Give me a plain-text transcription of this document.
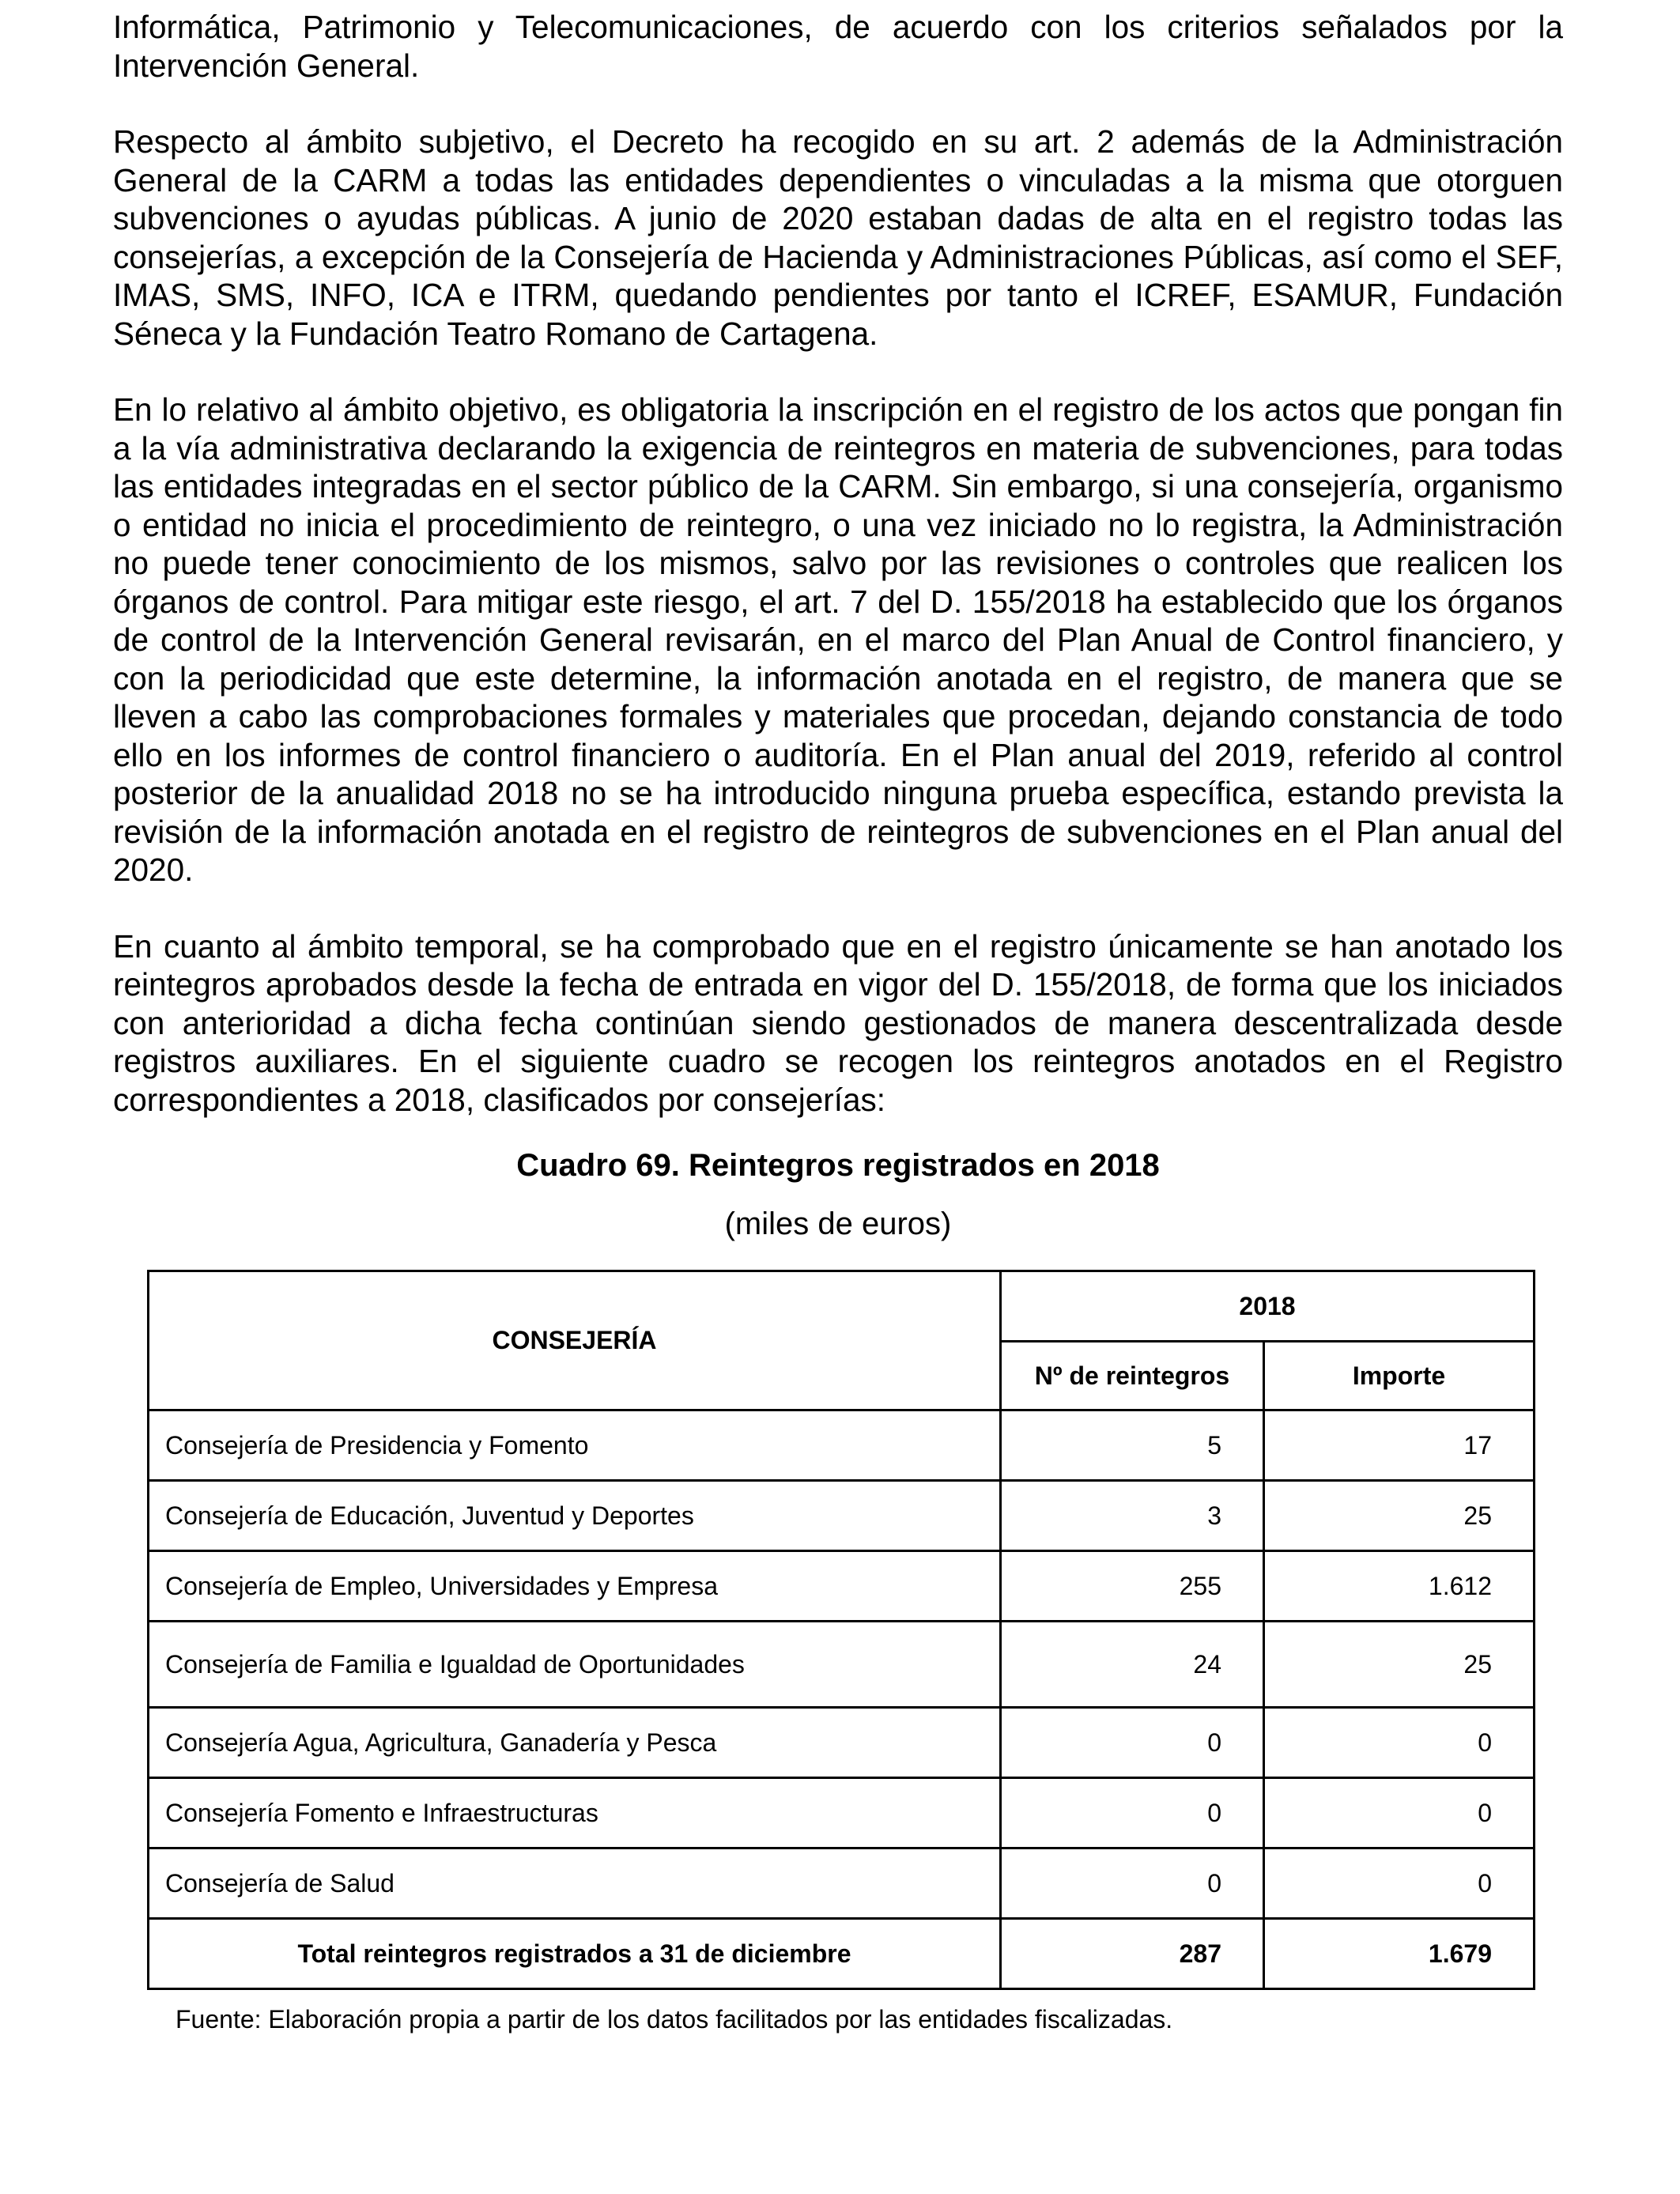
Informática, Patrimonio y Telecomunicaciones, de acuerdo con los criterios señalados por la Intervención General.

Respecto al ámbito subjetivo, el Decreto ha recogido en su art. 2 además de la Administración General de la CARM a todas las entidades dependientes o vinculadas a la misma que otorguen subvenciones o ayudas públicas. A junio de 2020 estaban dadas de alta en el registro todas las consejerías, a excepción de la Consejería de Hacienda y Administraciones Públicas, así como el SEF, IMAS, SMS, INFO, ICA e ITRM, quedando pendientes por tanto el ICREF, ESAMUR, Fundación Séneca y la Fundación Teatro Romano de Cartagena.

En lo relativo al ámbito objetivo, es obligatoria la inscripción en el registro de los actos que pongan fin a la vía administrativa declarando la exigencia de reintegros en materia de subvenciones, para todas las entidades integradas en el sector público de la CARM. Sin embargo, si una consejería, organismo o entidad no inicia el procedimiento de reintegro, o una vez iniciado no lo registra, la Administración no puede tener conocimiento de los mismos, salvo por las revisiones o controles que realicen los órganos de control. Para mitigar este riesgo, el art. 7 del D. 155/2018 ha establecido que los órganos de control de la Intervención General revisarán, en el marco del Plan Anual de Control financiero, y con la periodicidad que este determine, la información anotada en el registro, de manera que se lleven a cabo las comprobaciones formales y materiales que procedan, dejando constancia de todo ello en los informes de control financiero o auditoría. En el Plan anual del 2019, referido al control posterior de la anualidad 2018 no se ha introducido ninguna prueba específica, estando prevista la revisión de la información anotada en el registro de reintegros de subvenciones en el Plan anual del 2020.

En cuanto al ámbito temporal, se ha comprobado que en el registro únicamente se han anotado los reintegros aprobados desde la fecha de entrada en vigor del D. 155/2018, de forma que los iniciados con anterioridad a dicha fecha continúan siendo gestionados de manera descentralizada desde registros auxiliares. En el siguiente cuadro se recogen los reintegros anotados en el Registro correspondientes a 2018, clasificados por consejerías:

Cuadro 69. Reintegros registrados en 2018

(miles de euros)

CONSEJERÍA	2018	
	Nº de reintegros	Importe
Consejería de Presidencia y Fomento	5	17
Consejería de Educación, Juventud y Deportes	3	25
Consejería de Empleo, Universidades y Empresa	255	1.612
Consejería de Familia e Igualdad de Oportunidades	24	25
Consejería Agua, Agricultura, Ganadería y Pesca	0	0
Consejería Fomento e Infraestructuras	0	0
Consejería de Salud	0	0
Total reintegros registrados a 31 de diciembre	287	1.679
Fuente: Elaboración propia a partir de los datos facilitados por las entidades fiscalizadas.
